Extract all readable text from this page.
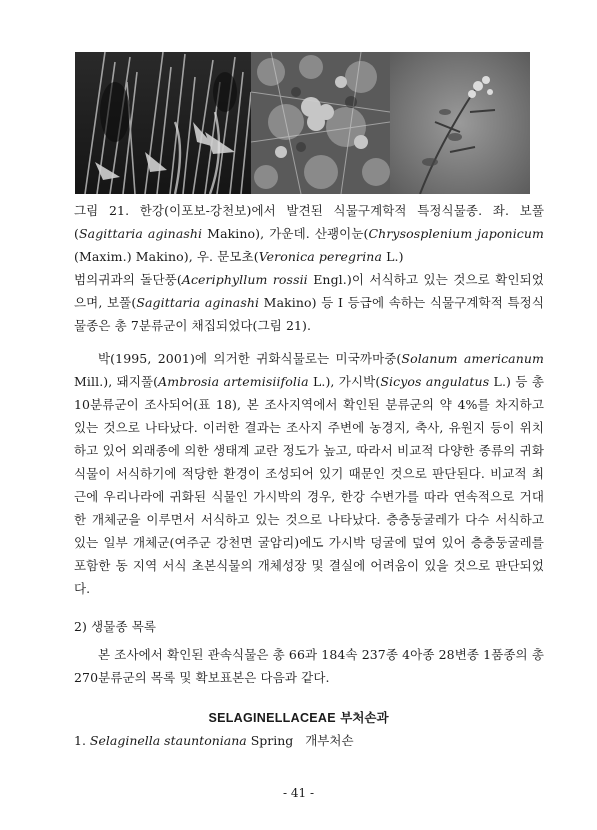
그림 21. 한강(이포보-강천보)에서 발견된 식물구계학적 특정식물종. 좌. 보풀 (Sagittaria aginashi Makino), 가운데. 산괭이눈(Chrysosplenium japonicum (Maxim.) Makino), 우. 문모초(Veronica peregrina L.)

범의귀과의 돌단풍(Aceriphyllum rossii Engl.)이 서식하고 있는 것으로 확인되었으며, 보풀(Sagittaria aginashi Makino) 등 I 등급에 속하는 식물구계학적 특정식물종은 총 7분류군이 채집되었다(그림 21).

박(1995, 2001)에 의거한 귀화식물로는 미국까마중(Solanum americanum Mill.), 돼지풀(Ambrosia artemisiifolia L.), 가시박(Sicyos angulatus L.) 등 총 10분류군이 조사되어(표 18), 본 조사지역에서 확인된 분류군의 약 4%를 차지하고 있는 것으로 나타났다. 이러한 결과는 조사지 주변에 농경지, 축사, 유원지 등이 위치하고 있어 외래종에 의한 생태계 교란 정도가 높고, 따라서 비교적 다양한 종류의 귀화식물이 서식하기에 적당한 환경이 조성되어 있기 때문인 것으로 판단된다. 비교적 최근에 우리나라에 귀화된 식물인 가시박의 경우, 한강 수변가를 따라 연속적으로 거대한 개체군을 이루면서 서식하고 있는 것으로 나타났다. 층층둥굴레가 다수 서식하고 있는 일부 개체군(여주군 강천면 굴암리)에도 가시박 덩굴에 덮여 있어 층층둥굴레를 포함한 동 지역 서식 초본식물의 개체성장 및 결실에 어려움이 있을 것으로 판단되었다.

2) 생물종 목록

본 조사에서 확인된 관속식물은 총 66과 184속 237종 4아종 28변종 1품종의 총 270분류군의 목록 및 확보표본은 다음과 같다.

SELAGINELLACEAE 부처손과
1. Selaginella stauntoniana Spring   개부처손
- 41 -
